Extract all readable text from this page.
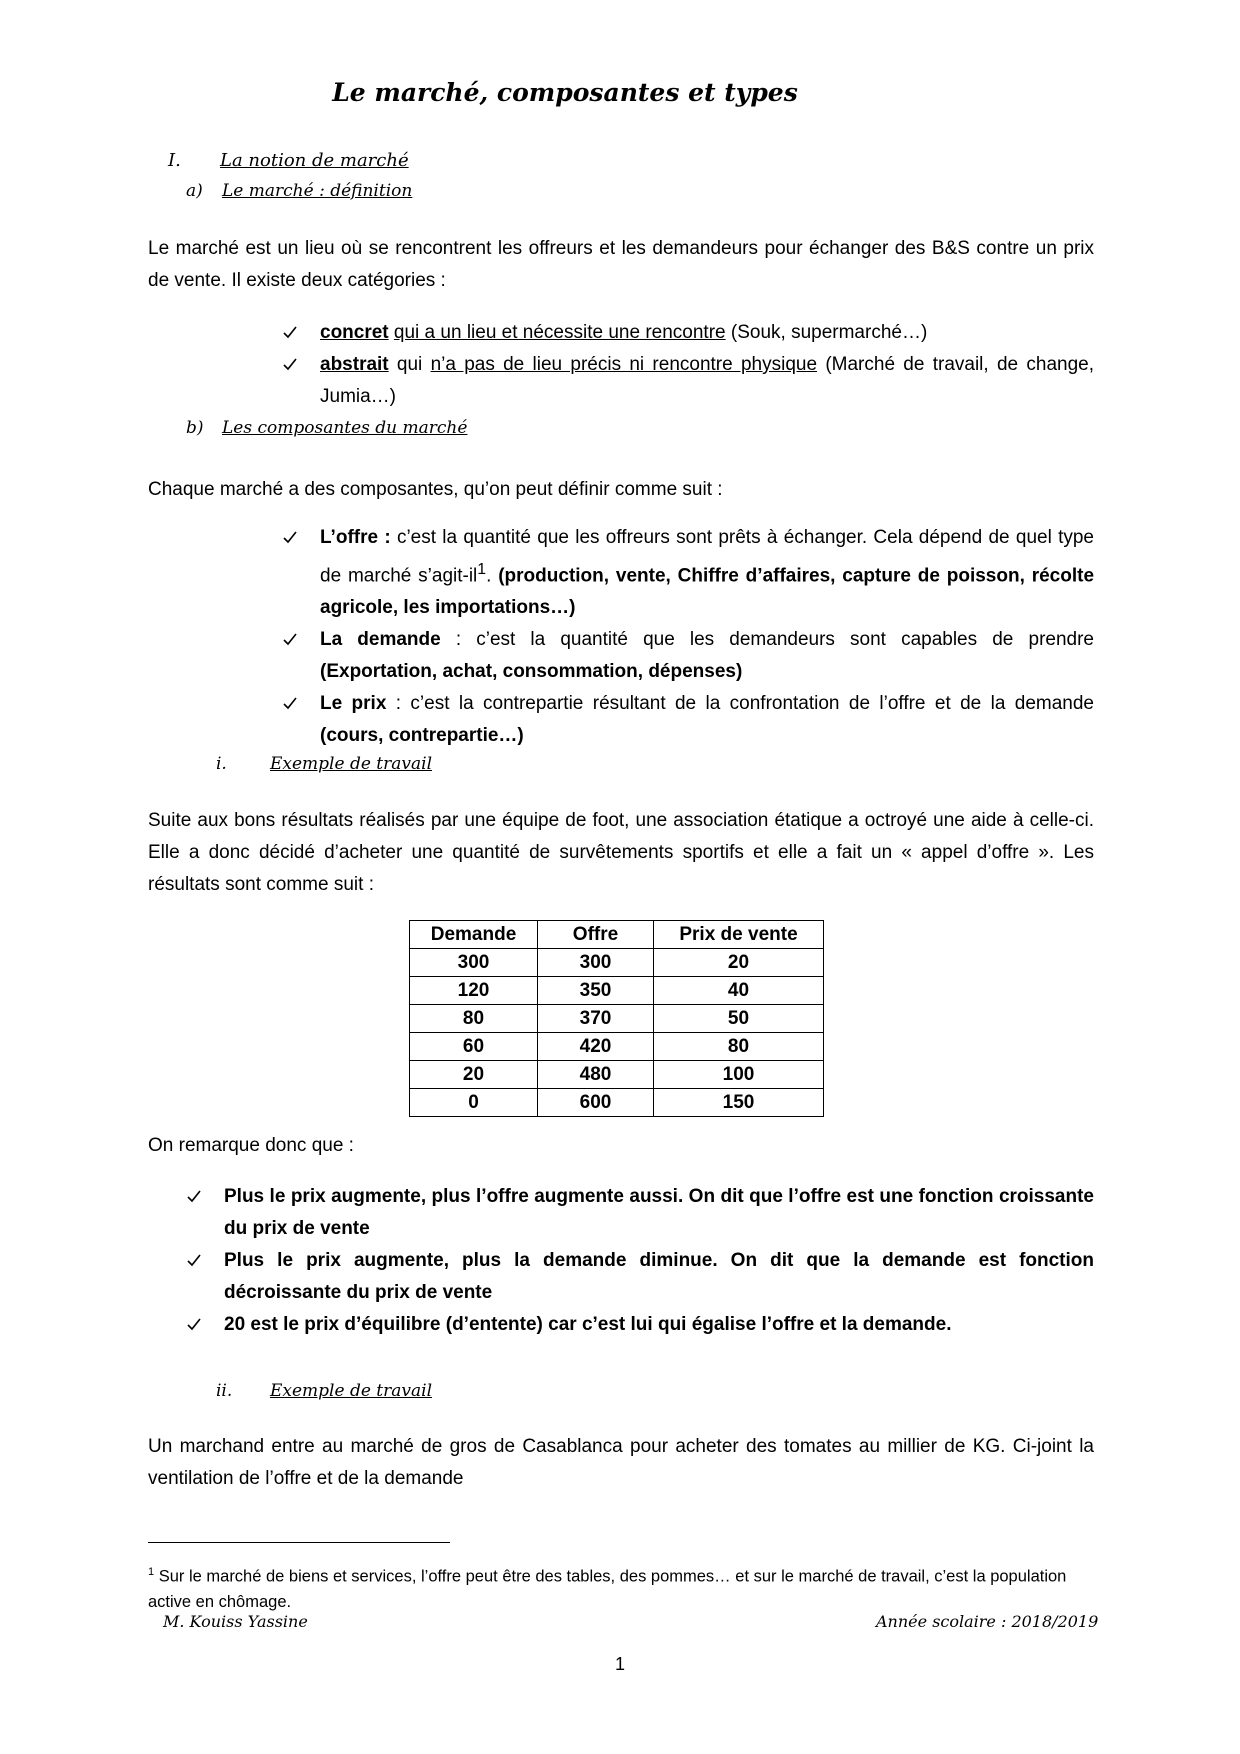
Le marché, composantes et types
I. La notion de marché
a) Le marché : définition
Le marché est un lieu où se rencontrent les offreurs et les demandeurs pour échanger des B&S contre un prix de vente. Il existe deux catégories :
concret qui a un lieu et nécessite une rencontre (Souk, supermarché…)
abstrait qui n’a pas de lieu précis ni rencontre physique (Marché de travail, de change, Jumia…)
b) Les composantes du marché
Chaque marché a des composantes, qu’on peut définir comme suit :
L’offre : c’est la quantité que les offreurs sont prêts à échanger. Cela dépend de quel type de marché $s’agit-il^1$. (production, vente, Chiffre d’affaires, capture de poisson, récolte agricole, les importations…)
La demande : c’est la quantité que les demandeurs sont capables de prendre (Exportation, achat, consommation, dépenses)
Le prix : c’est la contrepartie résultant de la confrontation de l’offre et de la demande (cours, contrepartie…)
i.	Exemple de travail
Suite aux bons résultats réalisés par une équipe de foot, une association étatique a octroyé une aide à celle-ci. Elle a donc décidé d’acheter une quantité de survêtements sportifs et elle a fait un « appel d’offre ». Les résultats sont comme suit :
Demande	Offre	Prix de vente
300	300	20
120	350	40
80	370	50
60	420	80
20	480	100
0	600	150
On remarque donc que :
Plus le prix augmente, plus l’offre augmente aussi. On dit que l’offre est une fonction croissante du prix de vente
Plus le prix augmente, plus la demande diminue. On dit que la demande est fonction décroissante du prix de vente
20 est le prix d’équilibre (d’entente) car c’est lui qui égalise l’offre et la demande.
ii. Exemple de travail
Un marchand entre au marché de gros de Casablanca pour acheter des tomates au millier de KG. Ci-joint la ventilation de l’offre et de la demande
$^1$ Sur le marché de biens et services, l’offre peut être des tables, des pommes… et sur le marché de travail, c’est la population active en chômage.
M. Kouiss Yassine	Année scolaire : 2018/2019
1
